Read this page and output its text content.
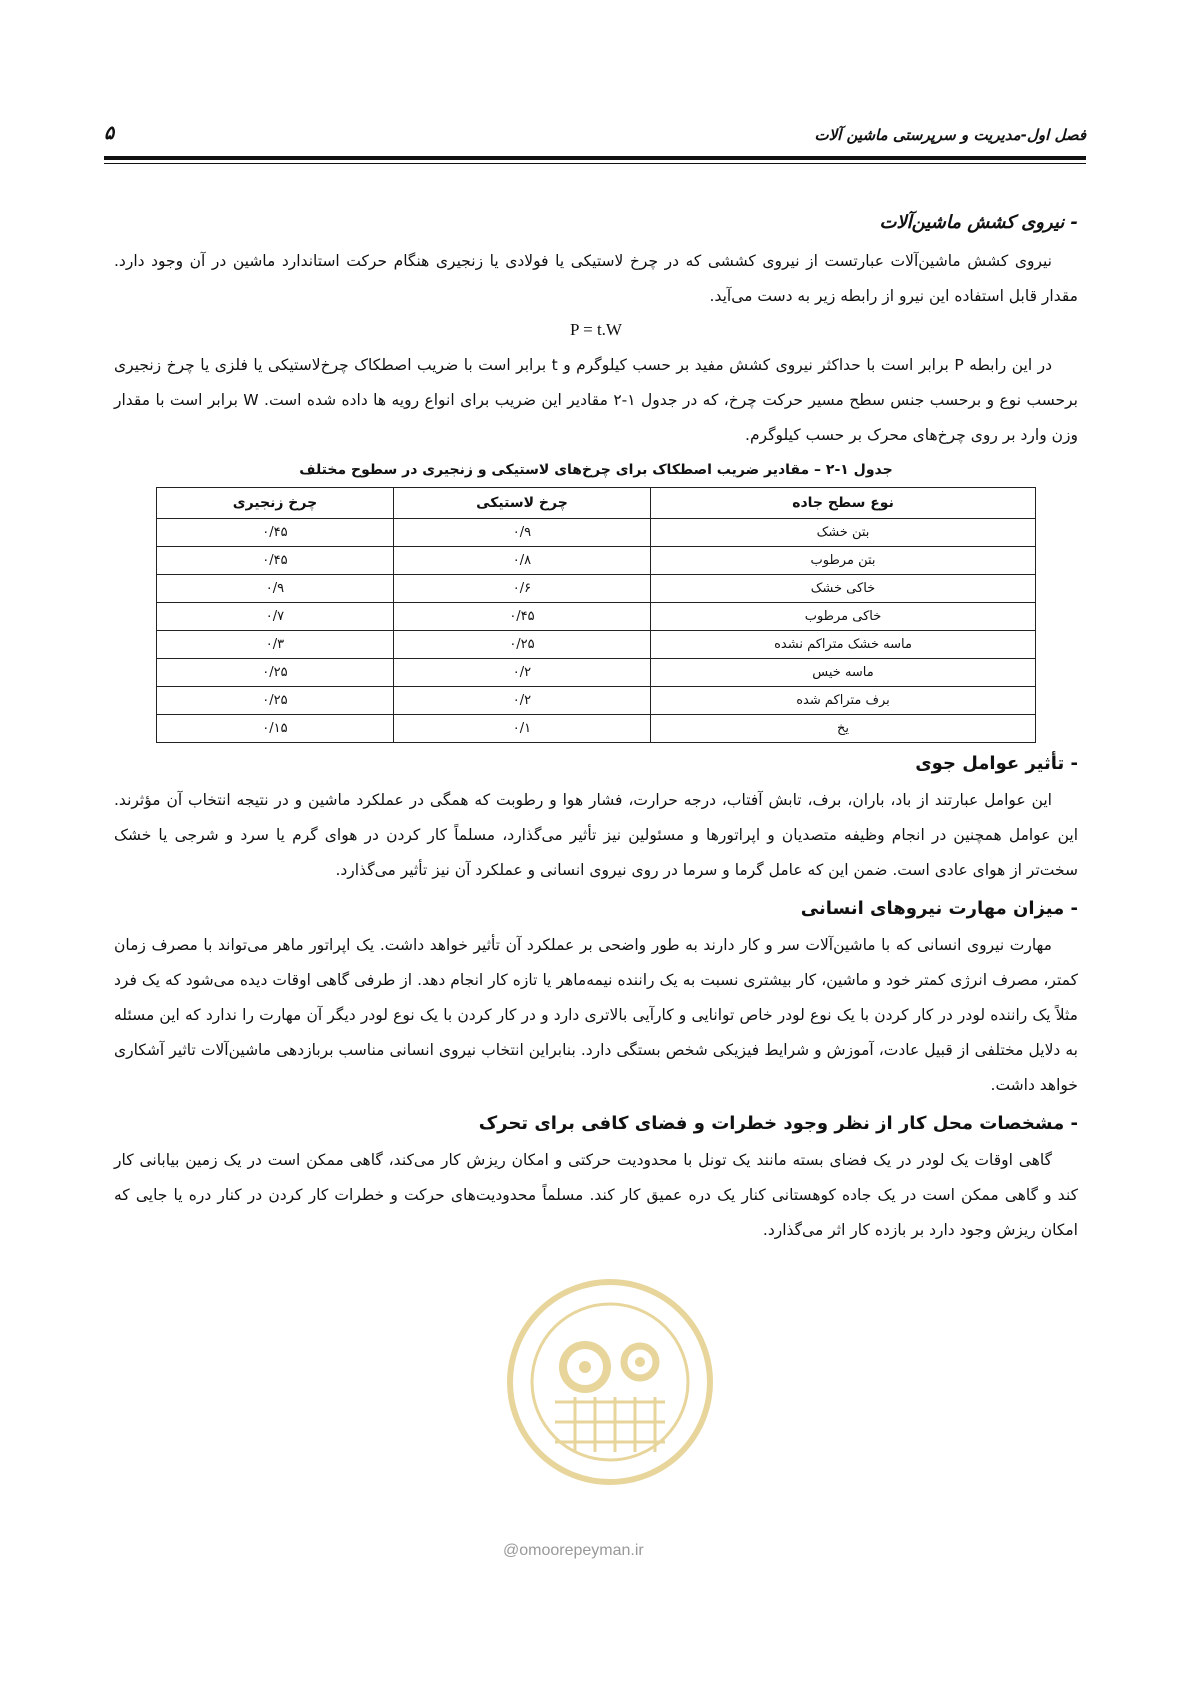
فصل اول-مدیریت و سرپرستی ماشین آلات
۵
- نیروی کشش ماشین‌آلات

نیروی کشش ماشین‌آلات عبارتست از نیروی کششی که در چرخ لاستیکی یا فولادی یا زنجیری هنگام حرکت استاندارد ماشین در آن وجود دارد. مقدار قابل استفاده این نیرو از رابطه زیر به دست می‌آید.

P = t.W

در این رابطه P برابر است با حداکثر نیروی کشش مفید بر حسب کیلوگرم و t برابر است با ضریب اصطکاک چرخ‌لاستیکی یا فلزی یا چرخ زنجیری برحسب نوع و برحسب جنس سطح مسیر حرکت چرخ، که در جدول ۱-۲ مقادیر این ضریب برای انواع رویه ها داده شده است. W برابر است با مقدار وزن وارد بر روی چرخ‌های محرک بر حسب کیلوگرم.

جدول ۱-۲ – مقادیر ضریب اصطکاک برای چرخ‌های لاستیکی و زنجیری در سطوح مختلف
نوع سطح جاده	چرخ لاستیکی	چرخ زنجیری
بتن خشک	۰/۹	۰/۴۵
بتن مرطوب	۰/۸	۰/۴۵
خاکی خشک	۰/۶	۰/۹
خاکی مرطوب	۰/۴۵	۰/۷
ماسه خشک متراکم نشده	۰/۲۵	۰/۳
ماسه خیس	۰/۲	۰/۲۵
برف متراکم شده	۰/۲	۰/۲۵
یخ	۰/۱	۰/۱۵
- تأثیر عوامل جوی

این عوامل عبارتند از باد، باران، برف، تابش آفتاب، درجه حرارت، فشار هوا و رطوبت که همگی در عملکرد ماشین و در نتیجه انتخاب آن مؤثرند. این عوامل همچنین در انجام وظیفه متصدیان و اپراتورها و مسئولین نیز تأثیر می‌گذارد، مسلماً کار کردن در هوای گرم یا سرد و شرجی یا خشک سخت‌تر از هوای عادی است. ضمن این که عامل گرما و سرما در روی نیروی انسانی و عملکرد آن نیز تأثیر می‌گذارد.

- میزان مهارت نیروهای انسانی

مهارت نیروی انسانی که با ماشین‌آلات سر و کار دارند به طور واضحی بر عملکرد آن تأثیر خواهد داشت. یک اپراتور ماهر می‌تواند با مصرف زمان کمتر، مصرف انرژی کمتر خود و ماشین، کار بیشتری نسبت به یک راننده نیمه‌ماهر یا تازه کار انجام دهد. از طرفی گاهی اوقات دیده می‌شود که یک فرد مثلاً یک راننده لودر در کار کردن با یک نوع لودر خاص توانایی و کارآیی بالاتری دارد و در کار کردن با یک نوع لودر دیگر آن مهارت را ندارد که این مسئله به دلایل مختلفی از قبیل عادت، آموزش و شرایط فیزیکی شخص بستگی دارد. بنابراین انتخاب نیروی انسانی مناسب بربازدهی ماشین‌آلات تاثیر آشکاری خواهد داشت.

- مشخصات محل کار از نظر وجود خطرات و فضای کافی برای تحرک

گاهی اوقات یک لودر در یک فضای بسته مانند یک تونل با محدودیت حرکتی و امکان ریزش کار می‌کند، گاهی ممکن است در یک زمین بیابانی کار کند و گاهی ممکن است در یک جاده کوهستانی کنار یک دره عمیق کار کند. مسلماً محدودیت‌های حرکت و خطرات کار کردن در کنار دره یا جایی که امکان ریزش وجود دارد بر بازده کار اثر می‌گذارد.

@omoorepeyman.ir
